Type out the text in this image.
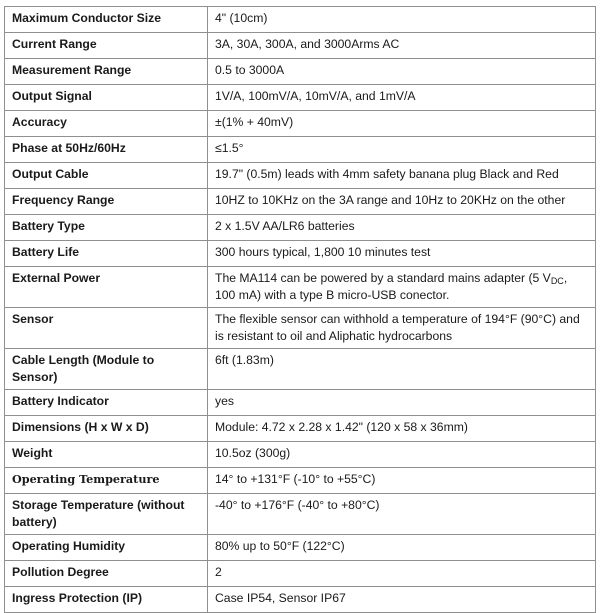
Maximum Conductor Size	4" (10cm)
Current Range	3A, 30A, 300A, and 3000Arms AC
Measurement Range	0.5 to 3000A
Output Signal	1V/A, 100mV/A, 10mV/A, and 1mV/A
Accuracy	±(1% + 40mV)
Phase at 50Hz/60Hz	≤1.5°
Output Cable	19.7" (0.5m) leads with 4mm safety banana plug Black and Red
Frequency Range	10HZ to 10KHz on the 3A range and 10Hz to 20KHz on the other
Battery Type	2 x 1.5V AA/LR6 batteries
Battery Life	300 hours typical, 1,800 10 minutes test
External Power	The MA114 can be powered by a standard mains adapter (5 $V_{DC}$, 100 mA) with a type B micro-USB conector.
Sensor	The flexible sensor can withhold a temperature of 194°F (90°C) and is resistant to oil and Aliphatic hydrocarbons
Cable Length (Module to Sensor)	6ft (1.83m)
Battery Indicator	yes
Dimensions (H x W x D)	Module: 4.72 x 2.28 x 1.42" (120 x 58 x 36mm)
Weight	10.5oz (300g)
Operating Temperature	14° to +131°F (-10° to +55°C)
Storage Temperature (without battery)	-40° to +176°F (-40° to +80°C)
Operating Humidity	80% up to 50°F (122°C)
Pollution Degree	2
Ingress Protection (IP)	Case IP54, Sensor IP67
